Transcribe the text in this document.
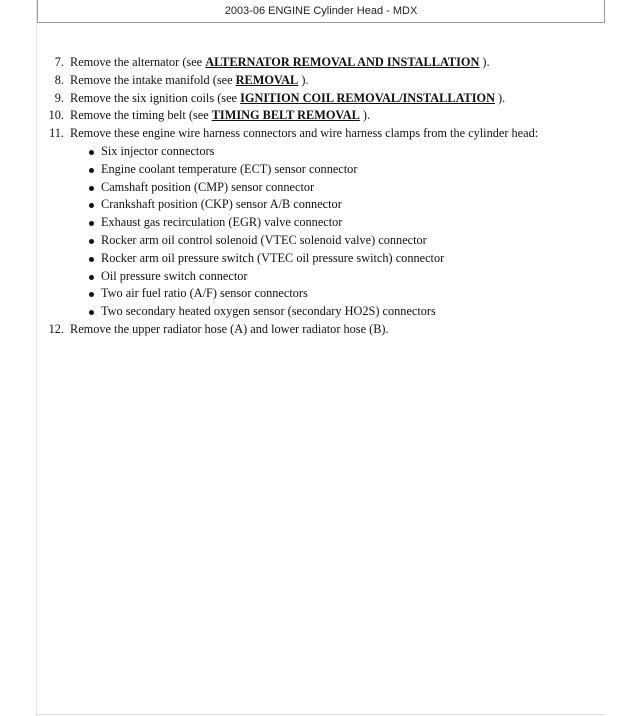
2003-06 ENGINE Cylinder Head - MDX
7. Remove the alternator (see ALTERNATOR REMOVAL AND INSTALLATION ).
8. Remove the intake manifold (see REMOVAL ).
9. Remove the six ignition coils (see IGNITION COIL REMOVAL/INSTALLATION ).
10. Remove the timing belt (see TIMING BELT REMOVAL ).
11. Remove these engine wire harness connectors and wire harness clamps from the cylinder head:
Six injector connectors
Engine coolant temperature (ECT) sensor connector
Camshaft position (CMP) sensor connector
Crankshaft position (CKP) sensor A/B connector
Exhaust gas recirculation (EGR) valve connector
Rocker arm oil control solenoid (VTEC solenoid valve) connector
Rocker arm oil pressure switch (VTEC oil pressure switch) connector
Oil pressure switch connector
Two air fuel ratio (A/F) sensor connectors
Two secondary heated oxygen sensor (secondary HO2S) connectors
12. Remove the upper radiator hose (A) and lower radiator hose (B).
